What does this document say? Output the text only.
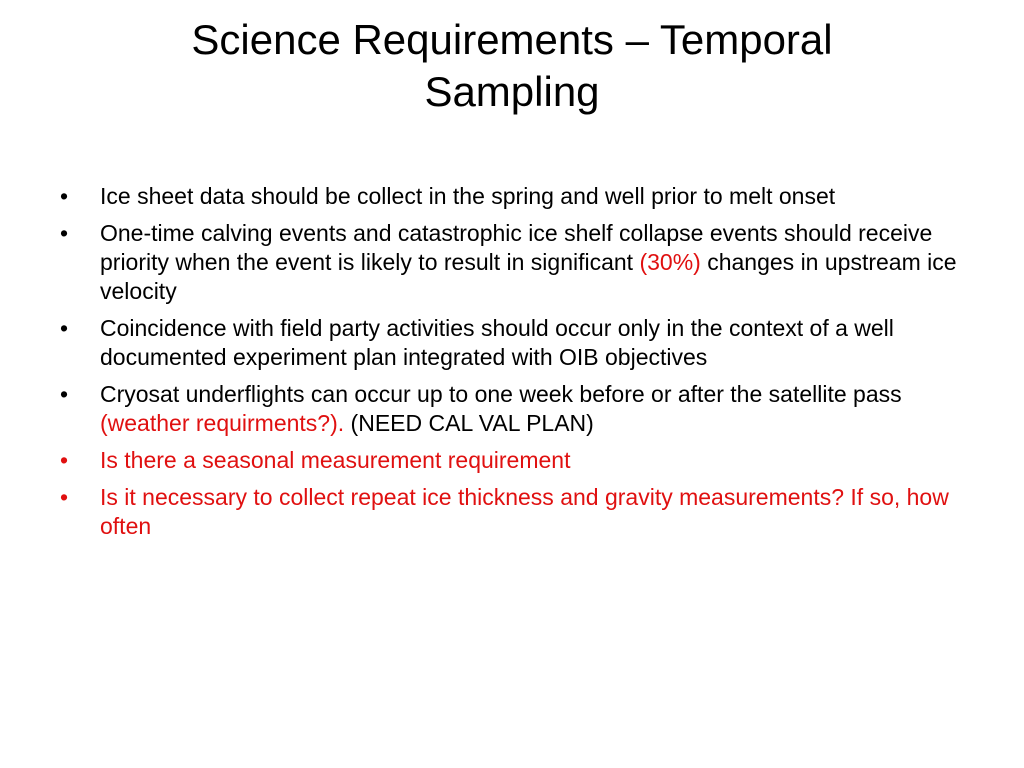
Science Requirements – Temporal
Sampling
•	Ice sheet data should be collect in the spring and well prior to melt onset
•	One-time calving events and catastrophic ice shelf collapse events should receive priority when the event is likely to result in significant (30%) changes in upstream ice velocity
•	Coincidence with field party activities should occur only in the context of a well documented experiment plan integrated with OIB objectives
•	Cryosat underflights can occur up to one week before or after the satellite pass (weather requirments?). (NEED CAL VAL PLAN)
•	Is there a seasonal measurement requirement
•	Is it necessary to collect repeat ice thickness and gravity measurements? If so, how often
